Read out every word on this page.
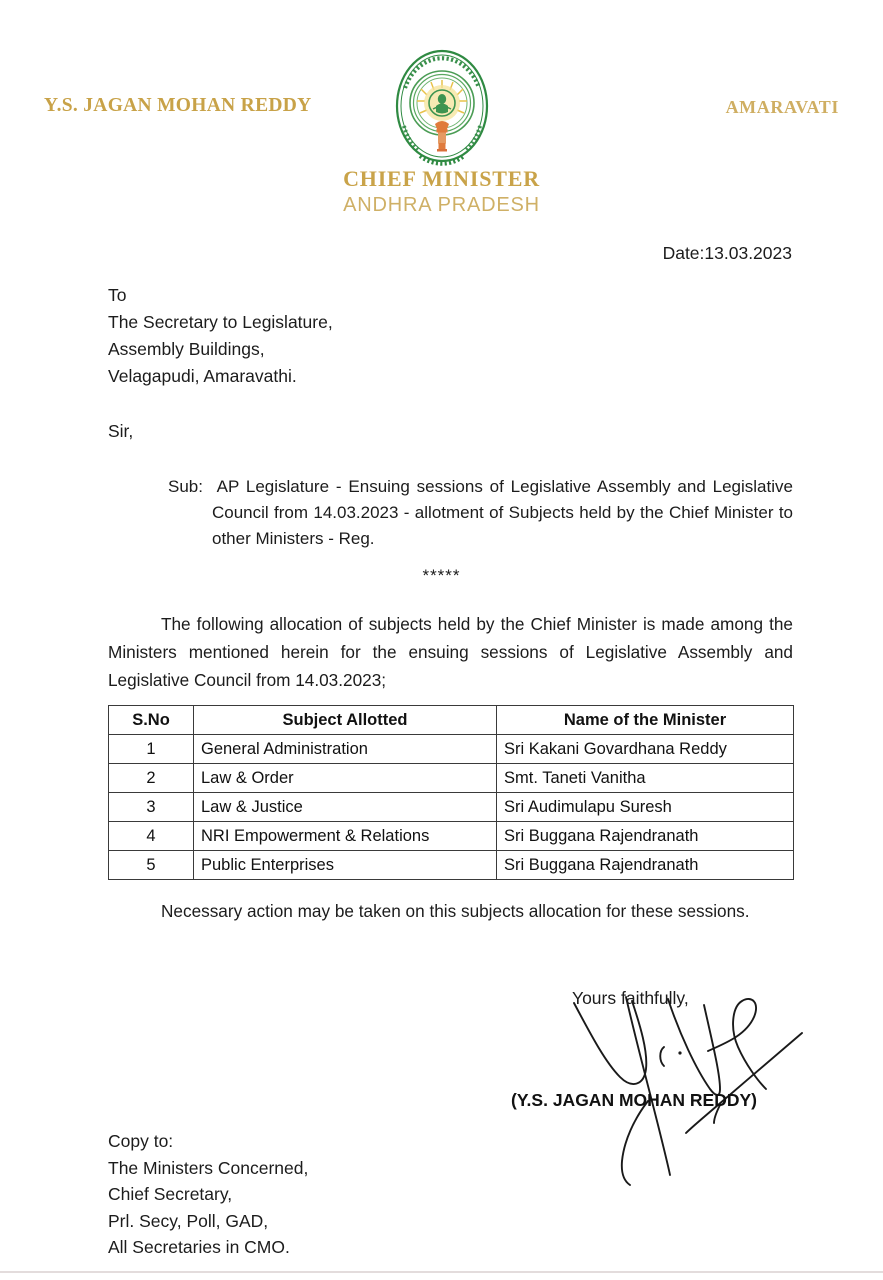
Y.S. JAGAN MOHAN REDDY	AMARAVATI
CHIEF MINISTER
ANDHRA PRADESH
Date:13.03.2023
To
The Secretary to Legislature,
Assembly Buildings,
Velagapudi, Amaravathi.
Sir,
Sub: AP Legislature - Ensuing sessions of Legislative Assembly and Legislative Council from 14.03.2023 - allotment of Subjects held by the Chief Minister to other Ministers - Reg.
*****
The following allocation of subjects held by the Chief Minister is made among the Ministers mentioned herein for the ensuing sessions of Legislative Assembly and Legislative Council from 14.03.2023;
S.No	Subject Allotted	Name of the Minister
1	General Administration	Sri Kakani Govardhana Reddy
2	Law & Order	Smt. Taneti Vanitha
3	Law & Justice	Sri Audimulapu Suresh
4	NRI Empowerment & Relations	Sri Buggana Rajendranath
5	Public Enterprises	Sri Buggana Rajendranath
Necessary action may be taken on this subjects allocation for these sessions.
Yours faithfully,
(Y.S. JAGAN MOHAN REDDY)
Copy to:
The Ministers Concerned,
Chief Secretary,
Prl. Secy, Poll, GAD,
All Secretaries in CMO.
